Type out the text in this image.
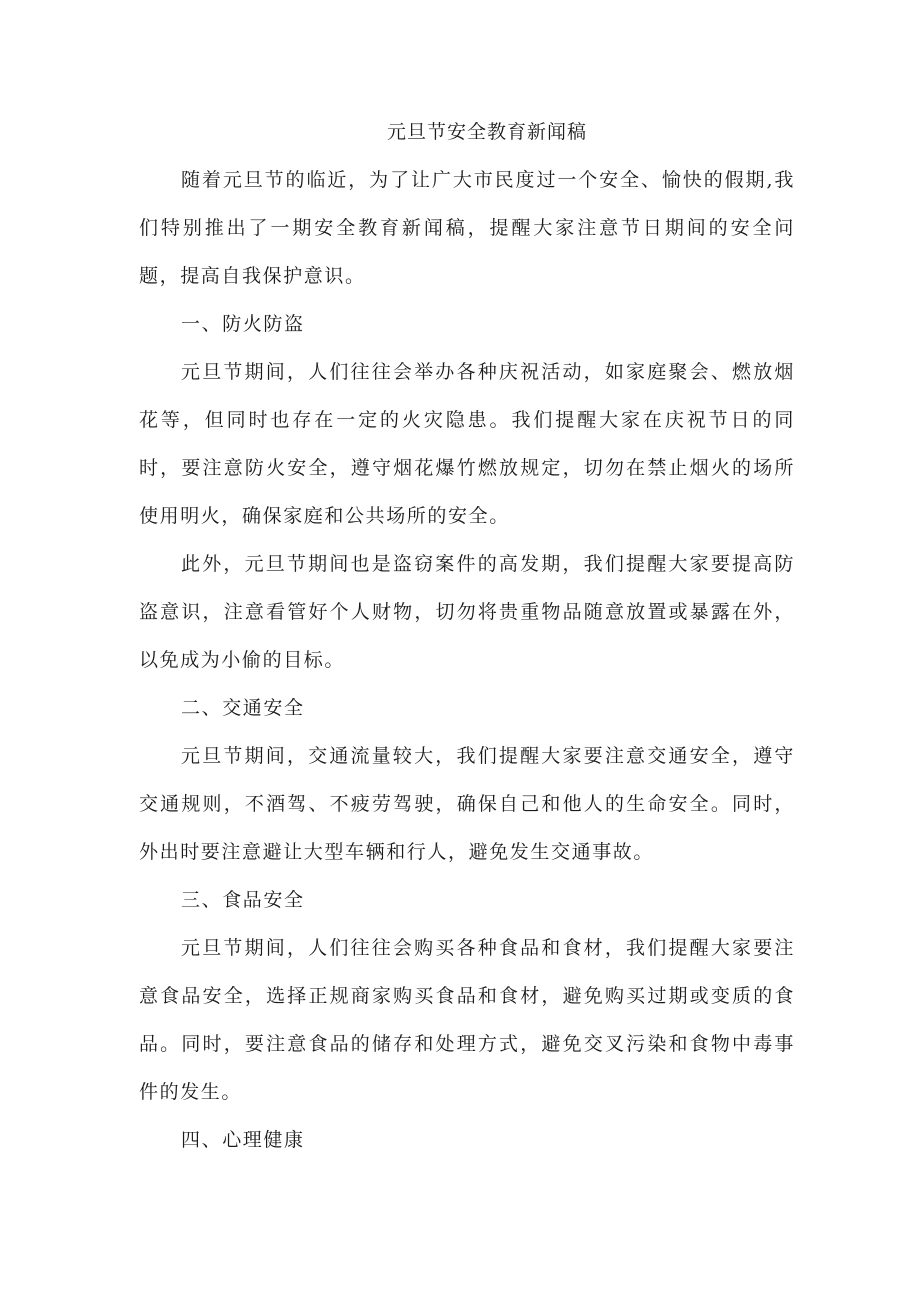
元旦节安全教育新闻稿

随着元旦节的临近，为了让广大市民度过一个安全、愉快的假期,我们特别推出了一期安全教育新闻稿，提醒大家注意节日期间的安全问题，提高自我保护意识。

一、防火防盗

元旦节期间，人们往往会举办各种庆祝活动，如家庭聚会、燃放烟花等，但同时也存在一定的火灾隐患。我们提醒大家在庆祝节日的同时，要注意防火安全，遵守烟花爆竹燃放规定，切勿在禁止烟火的场所使用明火，确保家庭和公共场所的安全。

此外，元旦节期间也是盗窃案件的高发期，我们提醒大家要提高防盗意识，注意看管好个人财物，切勿将贵重物品随意放置或暴露在外，以免成为小偷的目标。

二、交通安全

元旦节期间，交通流量较大，我们提醒大家要注意交通安全，遵守交通规则，不酒驾、不疲劳驾驶，确保自己和他人的生命安全。同时，外出时要注意避让大型车辆和行人，避免发生交通事故。

三、食品安全

元旦节期间，人们往往会购买各种食品和食材，我们提醒大家要注意食品安全，选择正规商家购买食品和食材，避免购买过期或变质的食品。同时，要注意食品的储存和处理方式，避免交叉污染和食物中毒事件的发生。

四、心理健康
